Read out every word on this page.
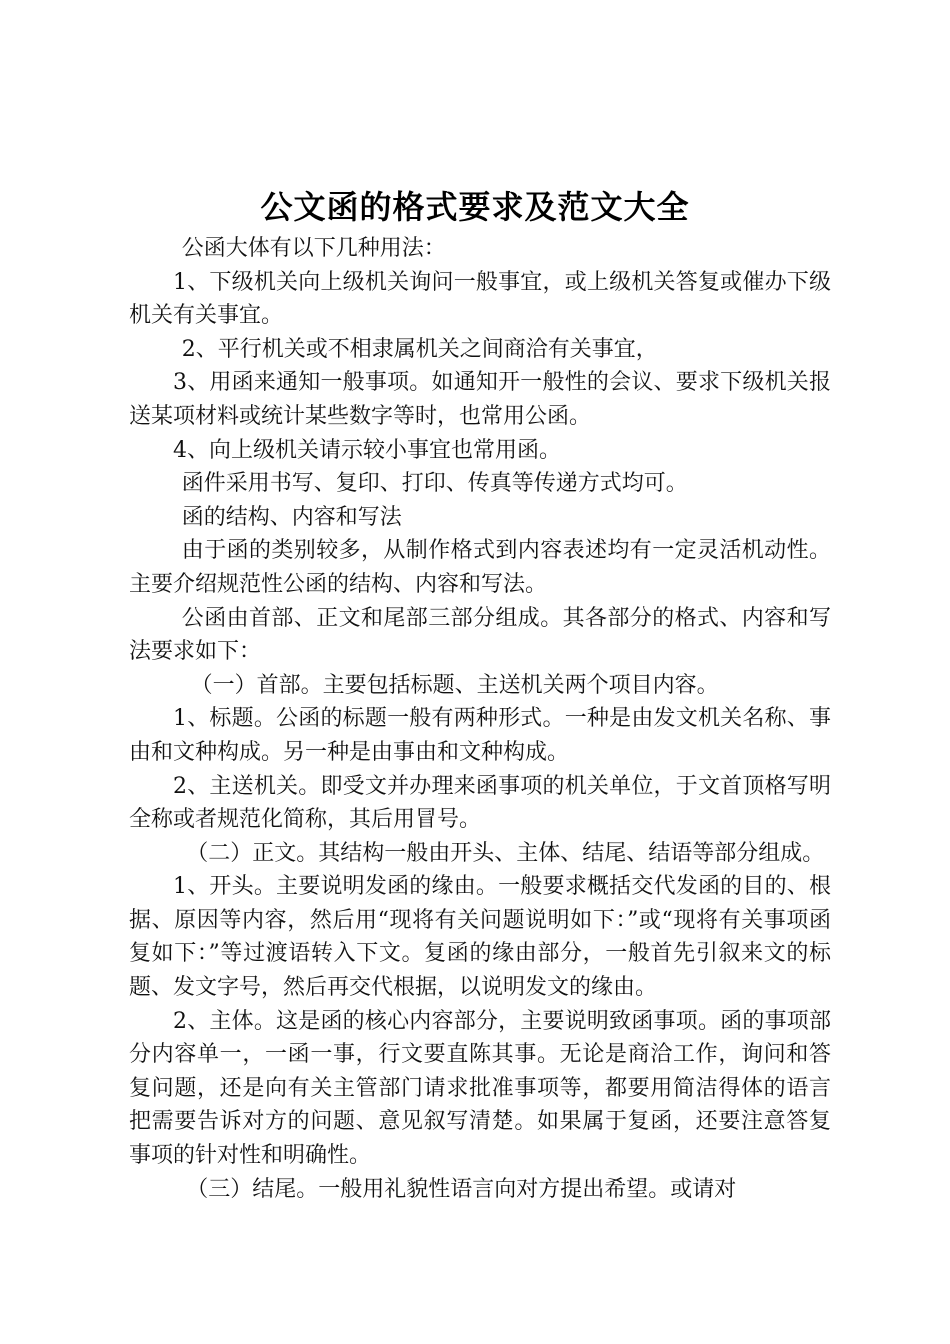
公文函的格式要求及范文大全

公函大体有以下几种用法：

1、下级机关向上级机关询问一般事宜，或上级机关答复或催办下级机关有关事宜。

2、平行机关或不相隶属机关之间商洽有关事宜，

3、用函来通知一般事项。如通知开一般性的会议、要求下级机关报送某项材料或统计某些数字等时，也常用公函。

4、向上级机关请示较小事宜也常用函。

函件采用书写、复印、打印、传真等传递方式均可。

函的结构、内容和写法

由于函的类别较多，从制作格式到内容表述均有一定灵活机动性。主要介绍规范性公函的结构、内容和写法。

公函由首部、正文和尾部三部分组成。其各部分的格式、内容和写法要求如下：

（一）首部。主要包括标题、主送机关两个项目内容。

1、标题。公函的标题一般有两种形式。一种是由发文机关名称、事由和文种构成。另一种是由事由和文种构成。

2、主送机关。即受文并办理来函事项的机关单位，于文首顶格写明全称或者规范化简称，其后用冒号。

（二）正文。其结构一般由开头、主体、结尾、结语等部分组成。

1、开头。主要说明发函的缘由。一般要求概括交代发函的目的、根据、原因等内容，然后用“现将有关问题说明如下：”或“现将有关事项函复如下：”等过渡语转入下文。复函的缘由部分，一般首先引叙来文的标题、发文字号，然后再交代根据，以说明发文的缘由。

2、主体。这是函的核心内容部分，主要说明致函事项。函的事项部分内容单一，一函一事，行文要直陈其事。无论是商洽工作，询问和答复问题，还是向有关主管部门请求批准事项等，都要用简洁得体的语言把需要告诉对方的问题、意见叙写清楚。如果属于复函，还要注意答复事项的针对性和明确性。

（三）结尾。一般用礼貌性语言向对方提出希望。或请对
